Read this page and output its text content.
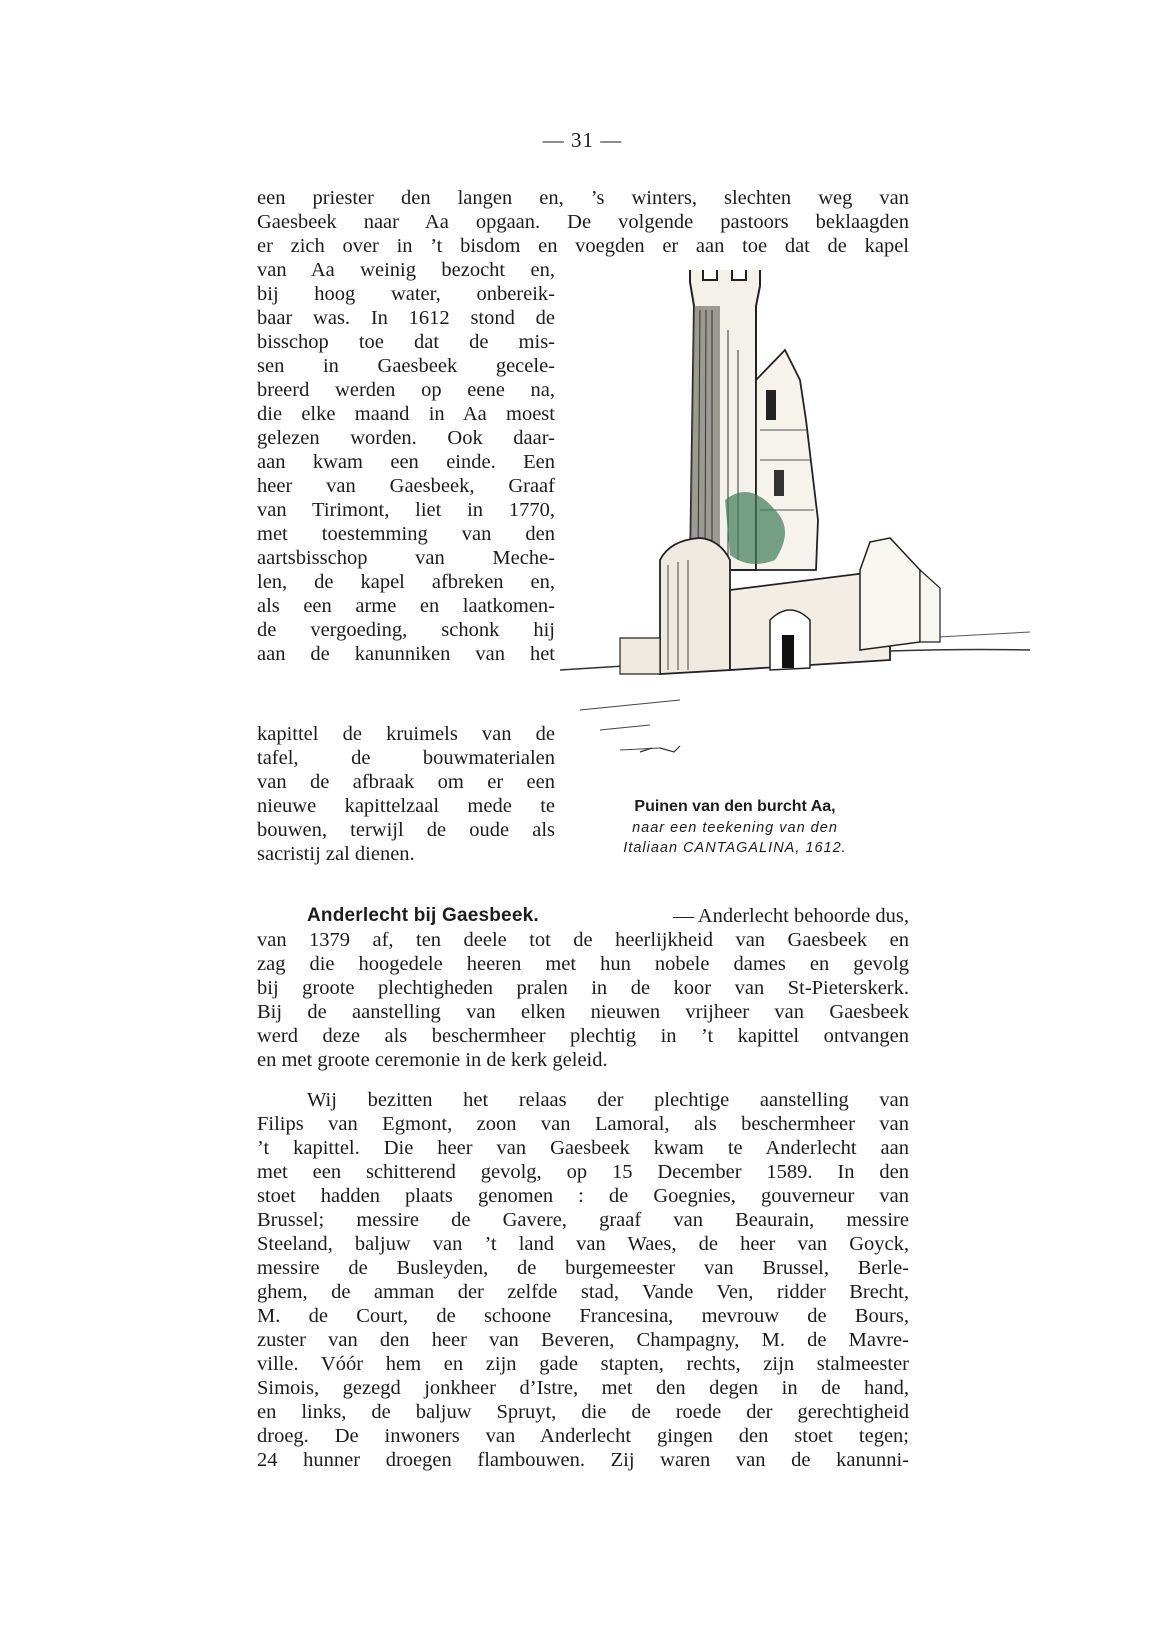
— 31 —
een priester den langen en, ’s winters, slechten weg van
Gaesbeek naar Aa opgaan. De volgende pastoors beklaagden
er zich over in ’t bisdom en voegden er aan toe dat de kapel
van Aa weinig bezocht en,
bij hoog water, onbereik-
baar was. In 1612 stond de
bisschop toe dat de mis-
sen in Gaesbeek gecele-
breerd werden op eene na,
die elke maand in Aa moest
gelezen worden. Ook daar-
aan kwam een einde. Een
heer van Gaesbeek, Graaf
van Tirimont, liet in 1770,
met toestemming van den
aartsbisschop van Meche-
len, de kapel afbreken en,
als een arme en laatkomen-
de vergoeding, schonk hij
aan de kanunniken van het
kapittel de kruimels van de
tafel, de bouwmaterialen
van de afbraak om er een
nieuwe kapittelzaal mede te
bouwen, terwijl de oude als
sacristij zal dienen.
Puinen van den burcht Aa,
naar een teekening van den
Italiaan CANTAGALINA, 1612.
Anderlecht bij Gaesbeek.	— Anderlecht behoorde dus,
van 1379 af, ten deele tot de heerlijkheid van Gaesbeek en
zag die hoogedele heeren met hun nobele dames en gevolg
bij groote plechtigheden pralen in de koor van St-Pieterskerk.
Bij de aanstelling van elken nieuwen vrijheer van Gaesbeek
werd deze als beschermheer plechtig in ’t kapittel ontvangen
en met groote ceremonie in de kerk geleid.
Wij bezitten het relaas der plechtige aanstelling van
Filips van Egmont, zoon van Lamoral, als beschermheer van
’t kapittel. Die heer van Gaesbeek kwam te Anderlecht aan
met een schitterend gevolg, op 15 December 1589. In den
stoet hadden plaats genomen : de Goegnies, gouverneur van
Brussel; messire de Gavere, graaf van Beaurain, messire
Steeland, baljuw van ’t land van Waes, de heer van Goyck,
messire de Busleyden, de burgemeester van Brussel, Berle-
ghem, de amman der zelfde stad, Vande Ven, ridder Brecht,
M. de Court, de schoone Francesina, mevrouw de Bours,
zuster van den heer van Beveren, Champagny, M. de Mavre-
ville. Vóór hem en zijn gade stapten, rechts, zijn stalmeester
Simois, gezegd jonkheer d’Istre, met den degen in de hand,
en links, de baljuw Spruyt, die de roede der gerechtigheid
droeg. De inwoners van Anderlecht gingen den stoet tegen;
24 hunner droegen flambouwen. Zij waren van de kanunni-
